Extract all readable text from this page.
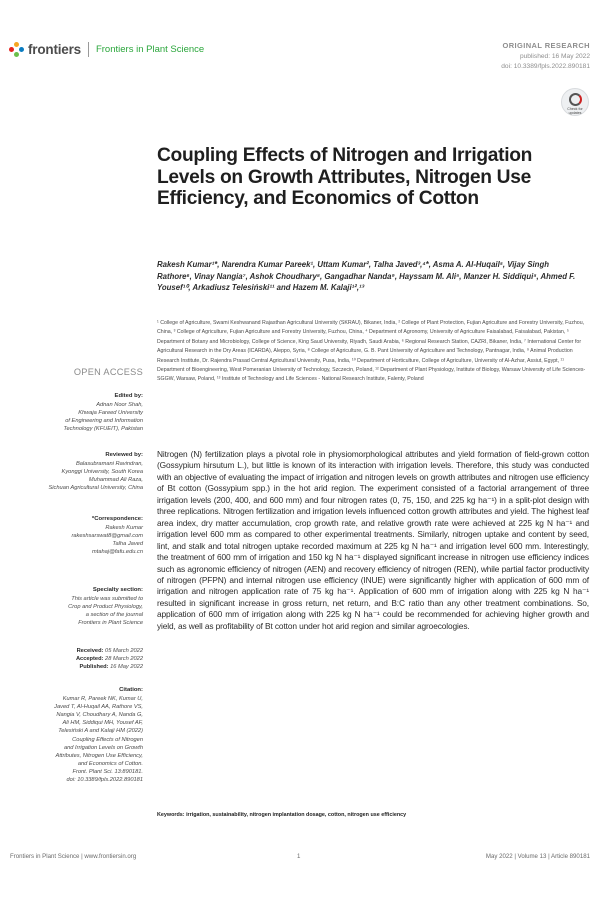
frontiers Frontiers in Plant Science	ORIGINAL RESEARCH
published: 16 May 2022
doi: 10.3389/fpls.2022.890181
Check for updates
Coupling Effects of Nitrogen and Irrigation Levels on Growth Attributes, Nitrogen Use Efficiency, and Economics of Cotton
Rakesh Kumar¹*, Narendra Kumar Pareek¹, Uttam Kumar², Talha Javed³,⁴*, Asma A. Al-Huqail⁵, Vijay Singh Rathore⁶, Vinay Nangia⁷, Ashok Choudhary⁸, Gangadhar Nanda⁹, Hayssam M. Ali⁵, Manzer H. Siddiqui⁵, Ahmed F. Yousef¹⁰, Arkadiusz Telesiński¹¹ and Hazem M. Kalaji¹²,¹³
¹ College of Agriculture, Swami Keshwanand Rajasthan Agricultural University (SKRAU), Bikaner, India, ² College of Plant Protection, Fujian Agriculture and Forestry University, Fuzhou, China, ³ College of Agriculture, Fujian Agriculture and Forestry University, Fuzhou, China, ⁴ Department of Agronomy, University of Agriculture Faisalabad, Faisalabad, Pakistan, ⁵ Department of Botany and Microbiology, College of Science, King Saud University, Riyadh, Saudi Arabia, ⁶ Regional Research Station, CAZRI, Bikaner, India, ⁷ International Center for Agricultural Research in the Dry Areas (ICARDA), Aleppo, Syria, ⁸ College of Agriculture, G. B. Pant University of Agriculture and Technology, Pantnagar, India, ⁹ Animal Production Research Institute, Dr. Rajendra Prasad Central Agricultural University, Pusa, India, ¹⁰ Department of Horticulture, College of Agriculture, University of Al-Azhar, Assiut, Egypt, ¹¹ Department of Bioengineering, West Pomeranian University of Technology, Szczecin, Poland, ¹² Department of Plant Physiology, Institute of Biology, Warsaw University of Life Sciences-SGGW, Warsaw, Poland, ¹³ Institute of Technology and Life Sciences - National Research Institute, Falenty, Poland
OPEN ACCESS
Edited by:
Adnan Noor Shah,
Khwaja Fareed University
of Engineering and Information
Technology (KFUEIT), Pakistan
Reviewed by:
Balasubramani Ravindran,
Kyonggi University, South Korea
Muhammad Ali Raza,
Sichuan Agricultural University, China
*Correspondence:
Rakesh Kumar
rakeshsarswat8@gmail.com
Talha Javed
mtahaj@fafu.edu.cn
Specialty section:
This article was submitted to
Crop and Product Physiology,
a section of the journal
Frontiers in Plant Science
Received: 05 March 2022
Accepted: 28 March 2022
Published: 16 May 2022
Citation:
Kumar R, Pareek NK, Kumar U,
Javed T, Al-Huqail AA, Rathore VS,
Nangia V, Choudhary A, Nanda G,
Ali HM, Siddiqui MH, Yousef AF,
Telesiński A and Kalaji HM (2022)
Coupling Effects of Nitrogen
and Irrigation Levels on Growth
Attributes, Nitrogen Use Efficiency,
and Economics of Cotton.
Front. Plant Sci. 13:890181.
doi: 10.3389/fpls.2022.890181

Nitrogen (N) fertilization plays a pivotal role in physiomorphological attributes and yield formation of field-grown cotton (Gossypium hirsutum L.), but little is known of its interaction with irrigation levels. Therefore, this study was conducted with an objective of evaluating the impact of irrigation and nitrogen levels on growth attributes and nitrogen use efficiency of Bt cotton (Gossypium spp.) in the hot arid region. The experiment consisted of a factorial arrangement of three irrigation levels (200, 400, and 600 mm) and four nitrogen rates (0, 75, 150, and 225 kg ha⁻¹) in a split-plot design with three replications. Nitrogen fertilization and irrigation levels influenced cotton growth attributes and yield. The highest leaf area index, dry matter accumulation, crop growth rate, and relative growth rate were achieved at 225 kg N ha⁻¹ and irrigation level 600 mm as compared to other experimental treatments. Similarly, nitrogen uptake and content by seed, lint, and stalk and total nitrogen uptake recorded maximum at 225 kg N ha⁻¹ and irrigation level 600 mm. Interestingly, the treatment of 600 mm of irrigation and 150 kg N ha⁻¹ displayed significant increase in nitrogen use efficiency indices such as agronomic efficiency of nitrogen (AEN) and recovery efficiency of nitrogen (REN), while partial factor productivity of nitrogen (PFPN) and internal nitrogen use efficiency (INUE) were significantly higher with application of 600 mm of irrigation and nitrogen application rate of 75 kg ha⁻¹. Application of 600 mm of irrigation along with 225 kg N ha⁻¹ resulted in significant increase in gross return, net return, and B:C ratio than any other treatment combinations. So, application of 600 mm of irrigation along with 225 kg N ha⁻¹ could be recommended for achieving higher growth and yield, as well as profitability of Bt cotton under hot arid region and similar agroecologies.

Keywords: irrigation, sustainability, nitrogen implantation dosage, cotton, nitrogen use efficiency
Frontiers in Plant Science | www.frontiersin.org	1	May 2022 | Volume 13 | Article 890181
